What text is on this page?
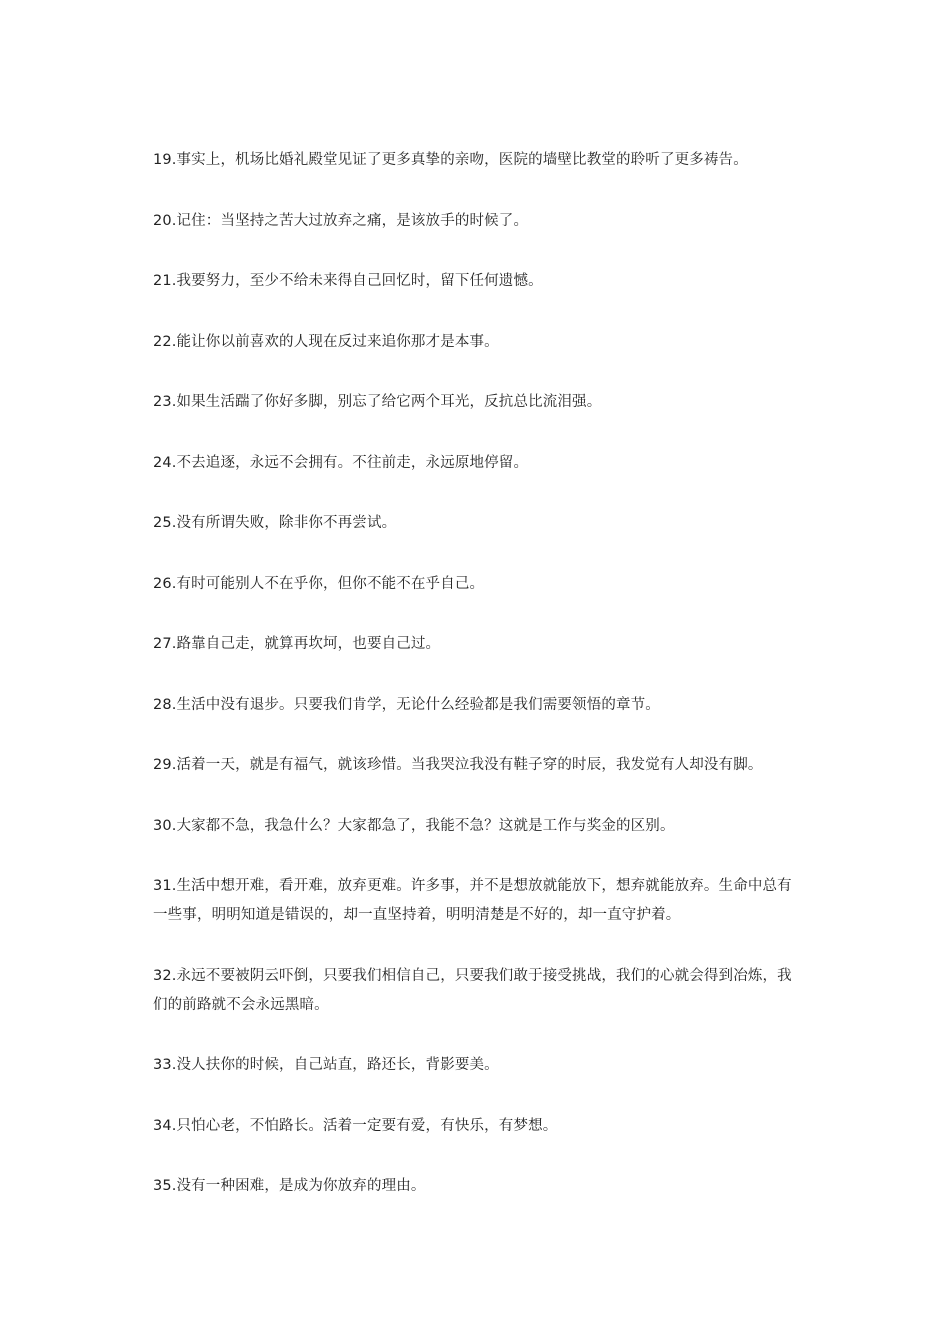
19.事实上，机场比婚礼殿堂见证了更多真挚的亲吻，医院的墙壁比教堂的聆听了更多祷告。
20.记住：当坚持之苦大过放弃之痛，是该放手的时候了。
21.我要努力，至少不给未来得自己回忆时，留下任何遗憾。
22.能让你以前喜欢的人现在反过来追你那才是本事。
23.如果生活踹了你好多脚，别忘了给它两个耳光，反抗总比流泪强。
24.不去追逐，永远不会拥有。不往前走，永远原地停留。
25.没有所谓失败，除非你不再尝试。
26.有时可能别人不在乎你，但你不能不在乎自己。
27.路靠自己走，就算再坎坷，也要自己过。
28.生活中没有退步。只要我们肯学，无论什么经验都是我们需要领悟的章节。
29.活着一天，就是有福气，就该珍惜。当我哭泣我没有鞋子穿的时辰，我发觉有人却没有脚。
30.大家都不急，我急什么？大家都急了，我能不急？这就是工作与奖金的区别。
31.生活中想开难，看开难，放弃更难。许多事，并不是想放就能放下，想弃就能放弃。生命中总有一些事，明明知道是错误的，却一直坚持着，明明清楚是不好的，却一直守护着。
32.永远不要被阴云吓倒，只要我们相信自己，只要我们敢于接受挑战，我们的心就会得到冶炼，我们的前路就不会永远黑暗。
33.没人扶你的时候，自己站直，路还长，背影要美。
34.只怕心老，不怕路长。活着一定要有爱，有快乐，有梦想。
35.没有一种困难，是成为你放弃的理由。
